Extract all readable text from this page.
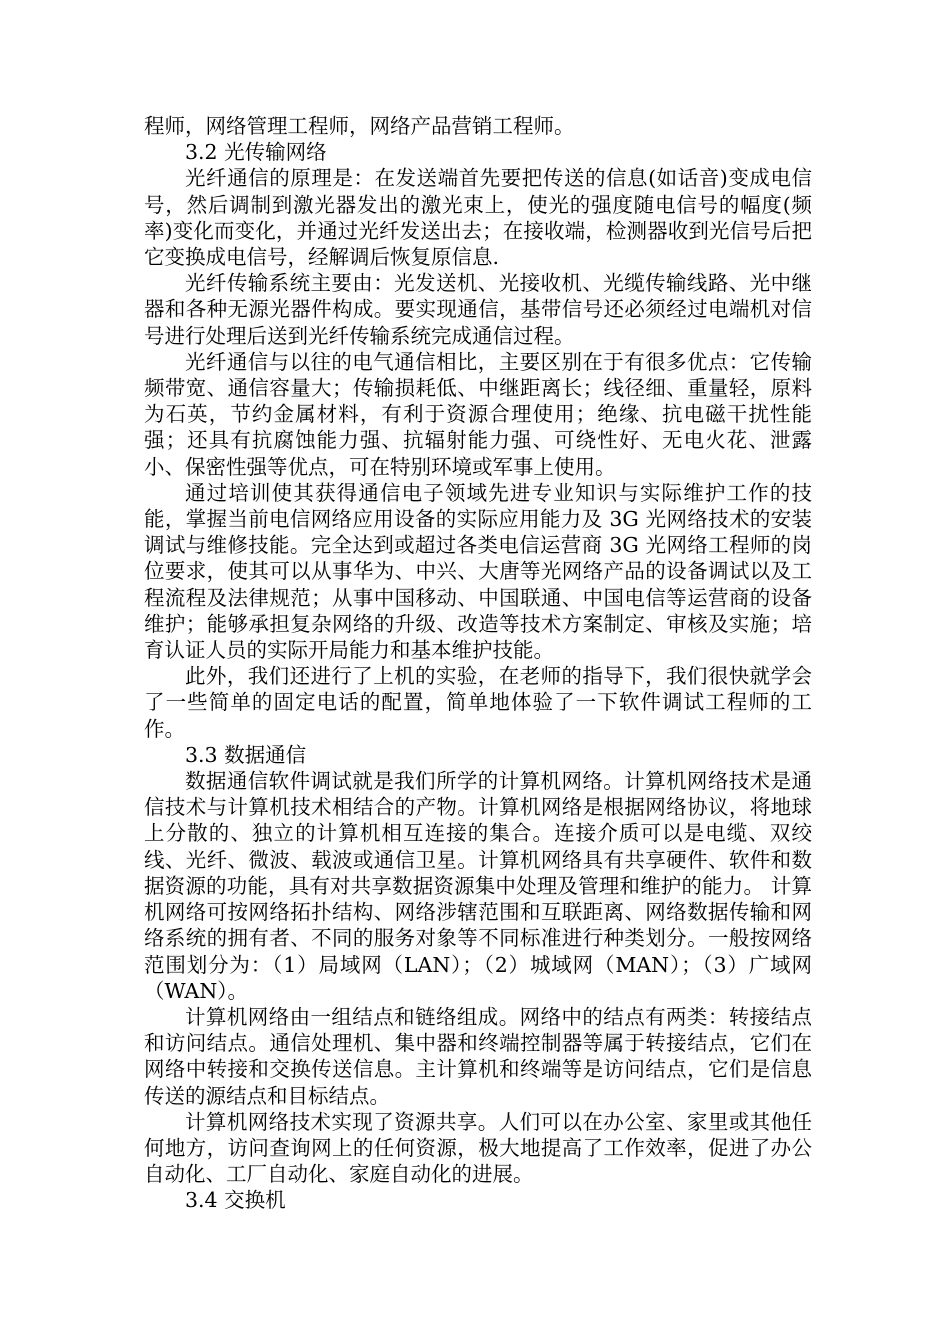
程师，网络管理工程师，网络产品营销工程师。

3.2 光传输网络

光纤通信的原理是：在发送端首先要把传送的信息(如话音)变成电信号，然后调制到激光器发出的激光束上，使光的强度随电信号的幅度(频率)变化而变化，并通过光纤发送出去；在接收端，检测器收到光信号后把它变换成电信号，经解调后恢复原信息.

光纤传输系统主要由：光发送机、光接收机、光缆传输线路、光中继器和各种无源光器件构成。要实现通信，基带信号还必须经过电端机对信号进行处理后送到光纤传输系统完成通信过程。

光纤通信与以往的电气通信相比，主要区别在于有很多优点：它传输频带宽、通信容量大；传输损耗低、中继距离长；线径细、重量轻，原料为石英，节约金属材料，有利于资源合理使用；绝缘、抗电磁干扰性能强；还具有抗腐蚀能力强、抗辐射能力强、可绕性好、无电火花、泄露小、保密性强等优点，可在特别环境或军事上使用。

通过培训使其获得通信电子领域先进专业知识与实际维护工作的技能，掌握当前电信网络应用设备的实际应用能力及 3G 光网络技术的安装调试与维修技能。完全达到或超过各类电信运营商 3G 光网络工程师的岗位要求，使其可以从事华为、中兴、大唐等光网络产品的设备调试以及工程流程及法律规范；从事中国移动、中国联通、中国电信等运营商的设备维护；能够承担复杂网络的升级、改造等技术方案制定、审核及实施；培育认证人员的实际开局能力和基本维护技能。

此外，我们还进行了上机的实验，在老师的指导下，我们很快就学会了一些简单的固定电话的配置，简单地体验了一下软件调试工程师的工作。

3.3 数据通信

数据通信软件调试就是我们所学的计算机网络。计算机网络技术是通信技术与计算机技术相结合的产物。计算机网络是根据网络协议，将地球上分散的、独立的计算机相互连接的集合。连接介质可以是电缆、双绞线、光纤、微波、载波或通信卫星。计算机网络具有共享硬件、软件和数据资源的功能，具有对共享数据资源集中处理及管理和维护的能力。 计算机网络可按网络拓扑结构、网络涉辖范围和互联距离、网络数据传输和网络系统的拥有者、不同的服务对象等不同标准进行种类划分。一般按网络范围划分为：（1）局域网（LAN）；（2）城域网（MAN）；（3）广域网（WAN）。

计算机网络由一组结点和链络组成。网络中的结点有两类：转接结点和访问结点。通信处理机、集中器和终端控制器等属于转接结点，它们在网络中转接和交换传送信息。主计算机和终端等是访问结点，它们是信息传送的源结点和目标结点。

计算机网络技术实现了资源共享。人们可以在办公室、家里或其他任何地方，访问查询网上的任何资源，极大地提高了工作效率，促进了办公自动化、工厂自动化、家庭自动化的进展。

3.4 交换机
